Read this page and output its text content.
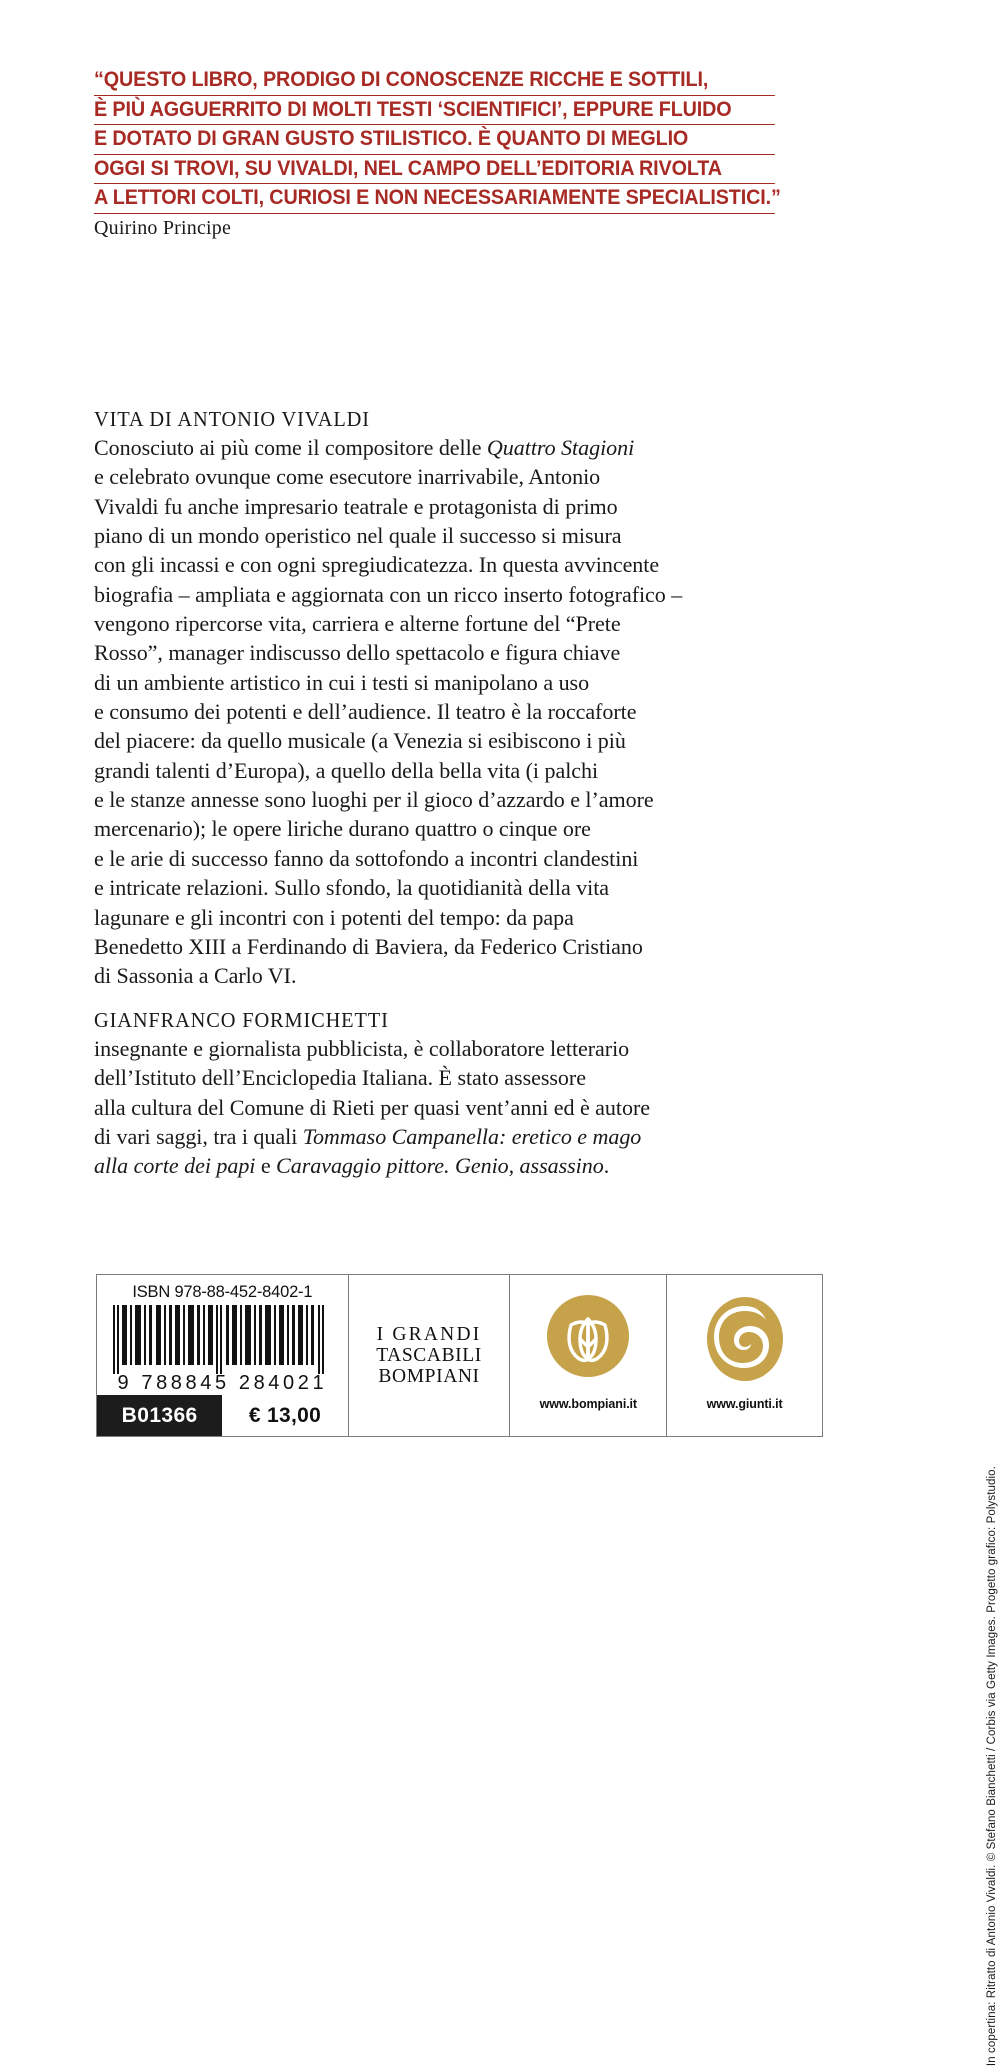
“QUESTO LIBRO, PRODIGO DI CONOSCENZE RICCHE E SOTTILI,
È PIÙ AGGUERRITO DI MOLTI TESTI ‘SCIENTIFICI’, EPPURE FLUIDO
E DOTATO DI GRAN GUSTO STILISTICO. È QUANTO DI MEGLIO
OGGI SI TROVI, SU VIVALDI, NEL CAMPO DELL’EDITORIA RIVOLTA
A LETTORI COLTI, CURIOSI E NON NECESSARIAMENTE SPECIALISTICI.”
Quirino Principe
VITA DI ANTONIO VIVALDI
Conosciuto ai più come il compositore delle Quattro Stagioni
e celebrato ovunque come esecutore inarrivabile, Antonio
Vivaldi fu anche impresario teatrale e protagonista di primo
piano di un mondo operistico nel quale il successo si misura
con gli incassi e con ogni spregiudicatezza. In questa avvincente
biografia – ampliata e aggiornata con un ricco inserto fotografico –
vengono ripercorse vita, carriera e alterne fortune del “Prete
Rosso”, manager indiscusso dello spettacolo e figura chiave
di un ambiente artistico in cui i testi si manipolano a uso
e consumo dei potenti e dell’audience. Il teatro è la roccaforte
del piacere: da quello musicale (a Venezia si esibiscono i più
grandi talenti d’Europa), a quello della bella vita (i palchi
e le stanze annesse sono luoghi per il gioco d’azzardo e l’amore
mercenario); le opere liriche durano quattro o cinque ore
e le arie di successo fanno da sottofondo a incontri clandestini
e intricate relazioni. Sullo sfondo, la quotidianità della vita
lagunare e gli incontri con i potenti del tempo: da papa
Benedetto XIII a Ferdinando di Baviera, da Federico Cristiano
di Sassonia a Carlo VI.
GIANFRANCO FORMICHETTI
insegnante e giornalista pubblicista, è collaboratore letterario
dell’Istituto dell’Enciclopedia Italiana. È stato assessore
alla cultura del Comune di Rieti per quasi vent’anni ed è autore
di vari saggi, tra i quali Tommaso Campanella: eretico e mago
alla corte dei papi e Caravaggio pittore. Genio, assassino.
ISBN 978-88-452-8402-1
9 788845 284021
B01366	€ 13,00
I GRANDI
TASCABILI
BOMPIANI
www.bompiani.it	www.giunti.it
In copertina: Ritratto di Antonio Vivaldi. © Stefano Bianchetti / Corbis via Getty Images. Progetto grafico: Polystudio.
